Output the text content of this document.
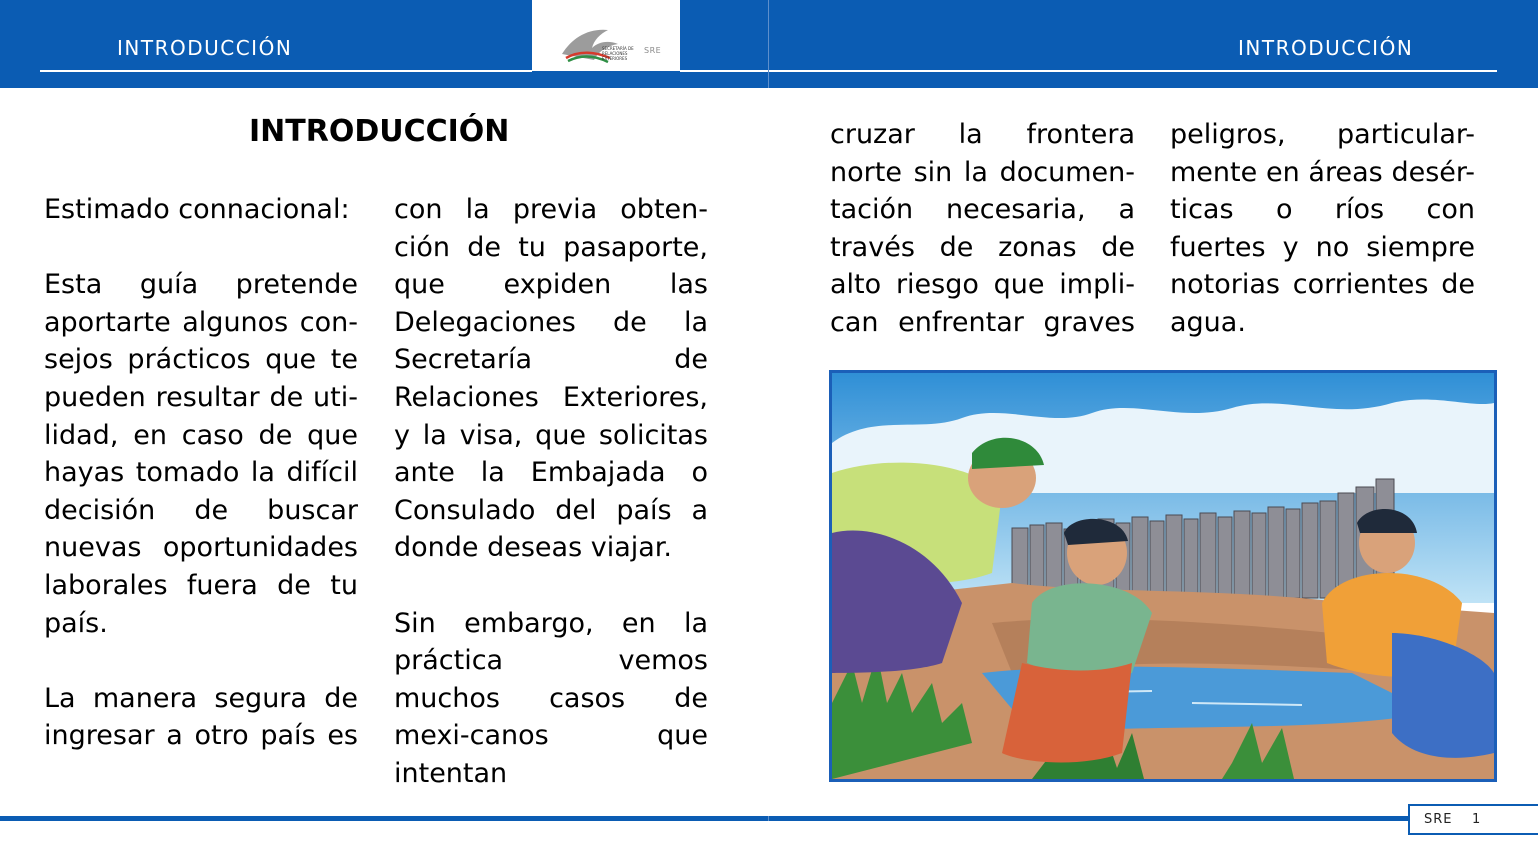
INTRODUCCIÓN	INTRODUCCIÓN
SECRETARÍA DE RELACIONES EXTERIORES
SRE
INTRODUCCIÓN

Estimado connacional:

Esta guía pretende aportarte algunos con-sejos prácticos que te pueden resultar de uti-lidad, en caso de que hayas tomado la difícil decisión de buscar nuevas oportunidades laborales fuera de tu país.

La manera segura de ingresar a otro país es

con la previa obten-ción de tu pasaporte, que expiden las Delegaciones de la Secretaría de Relaciones Exteriores, y la visa, que solicitas ante la Embajada o Consulado del país a donde deseas viajar.

Sin embargo, en la práctica vemos muchos casos de mexi-canos que intentan

cruzar la frontera norte sin la documen-tación necesaria, a través de zonas de alto riesgo que impli-can enfrentar graves

peligros, particular-mente en áreas desér-ticas o ríos con fuertes y no siempre notorias corrientes de agua.

SRE 1
